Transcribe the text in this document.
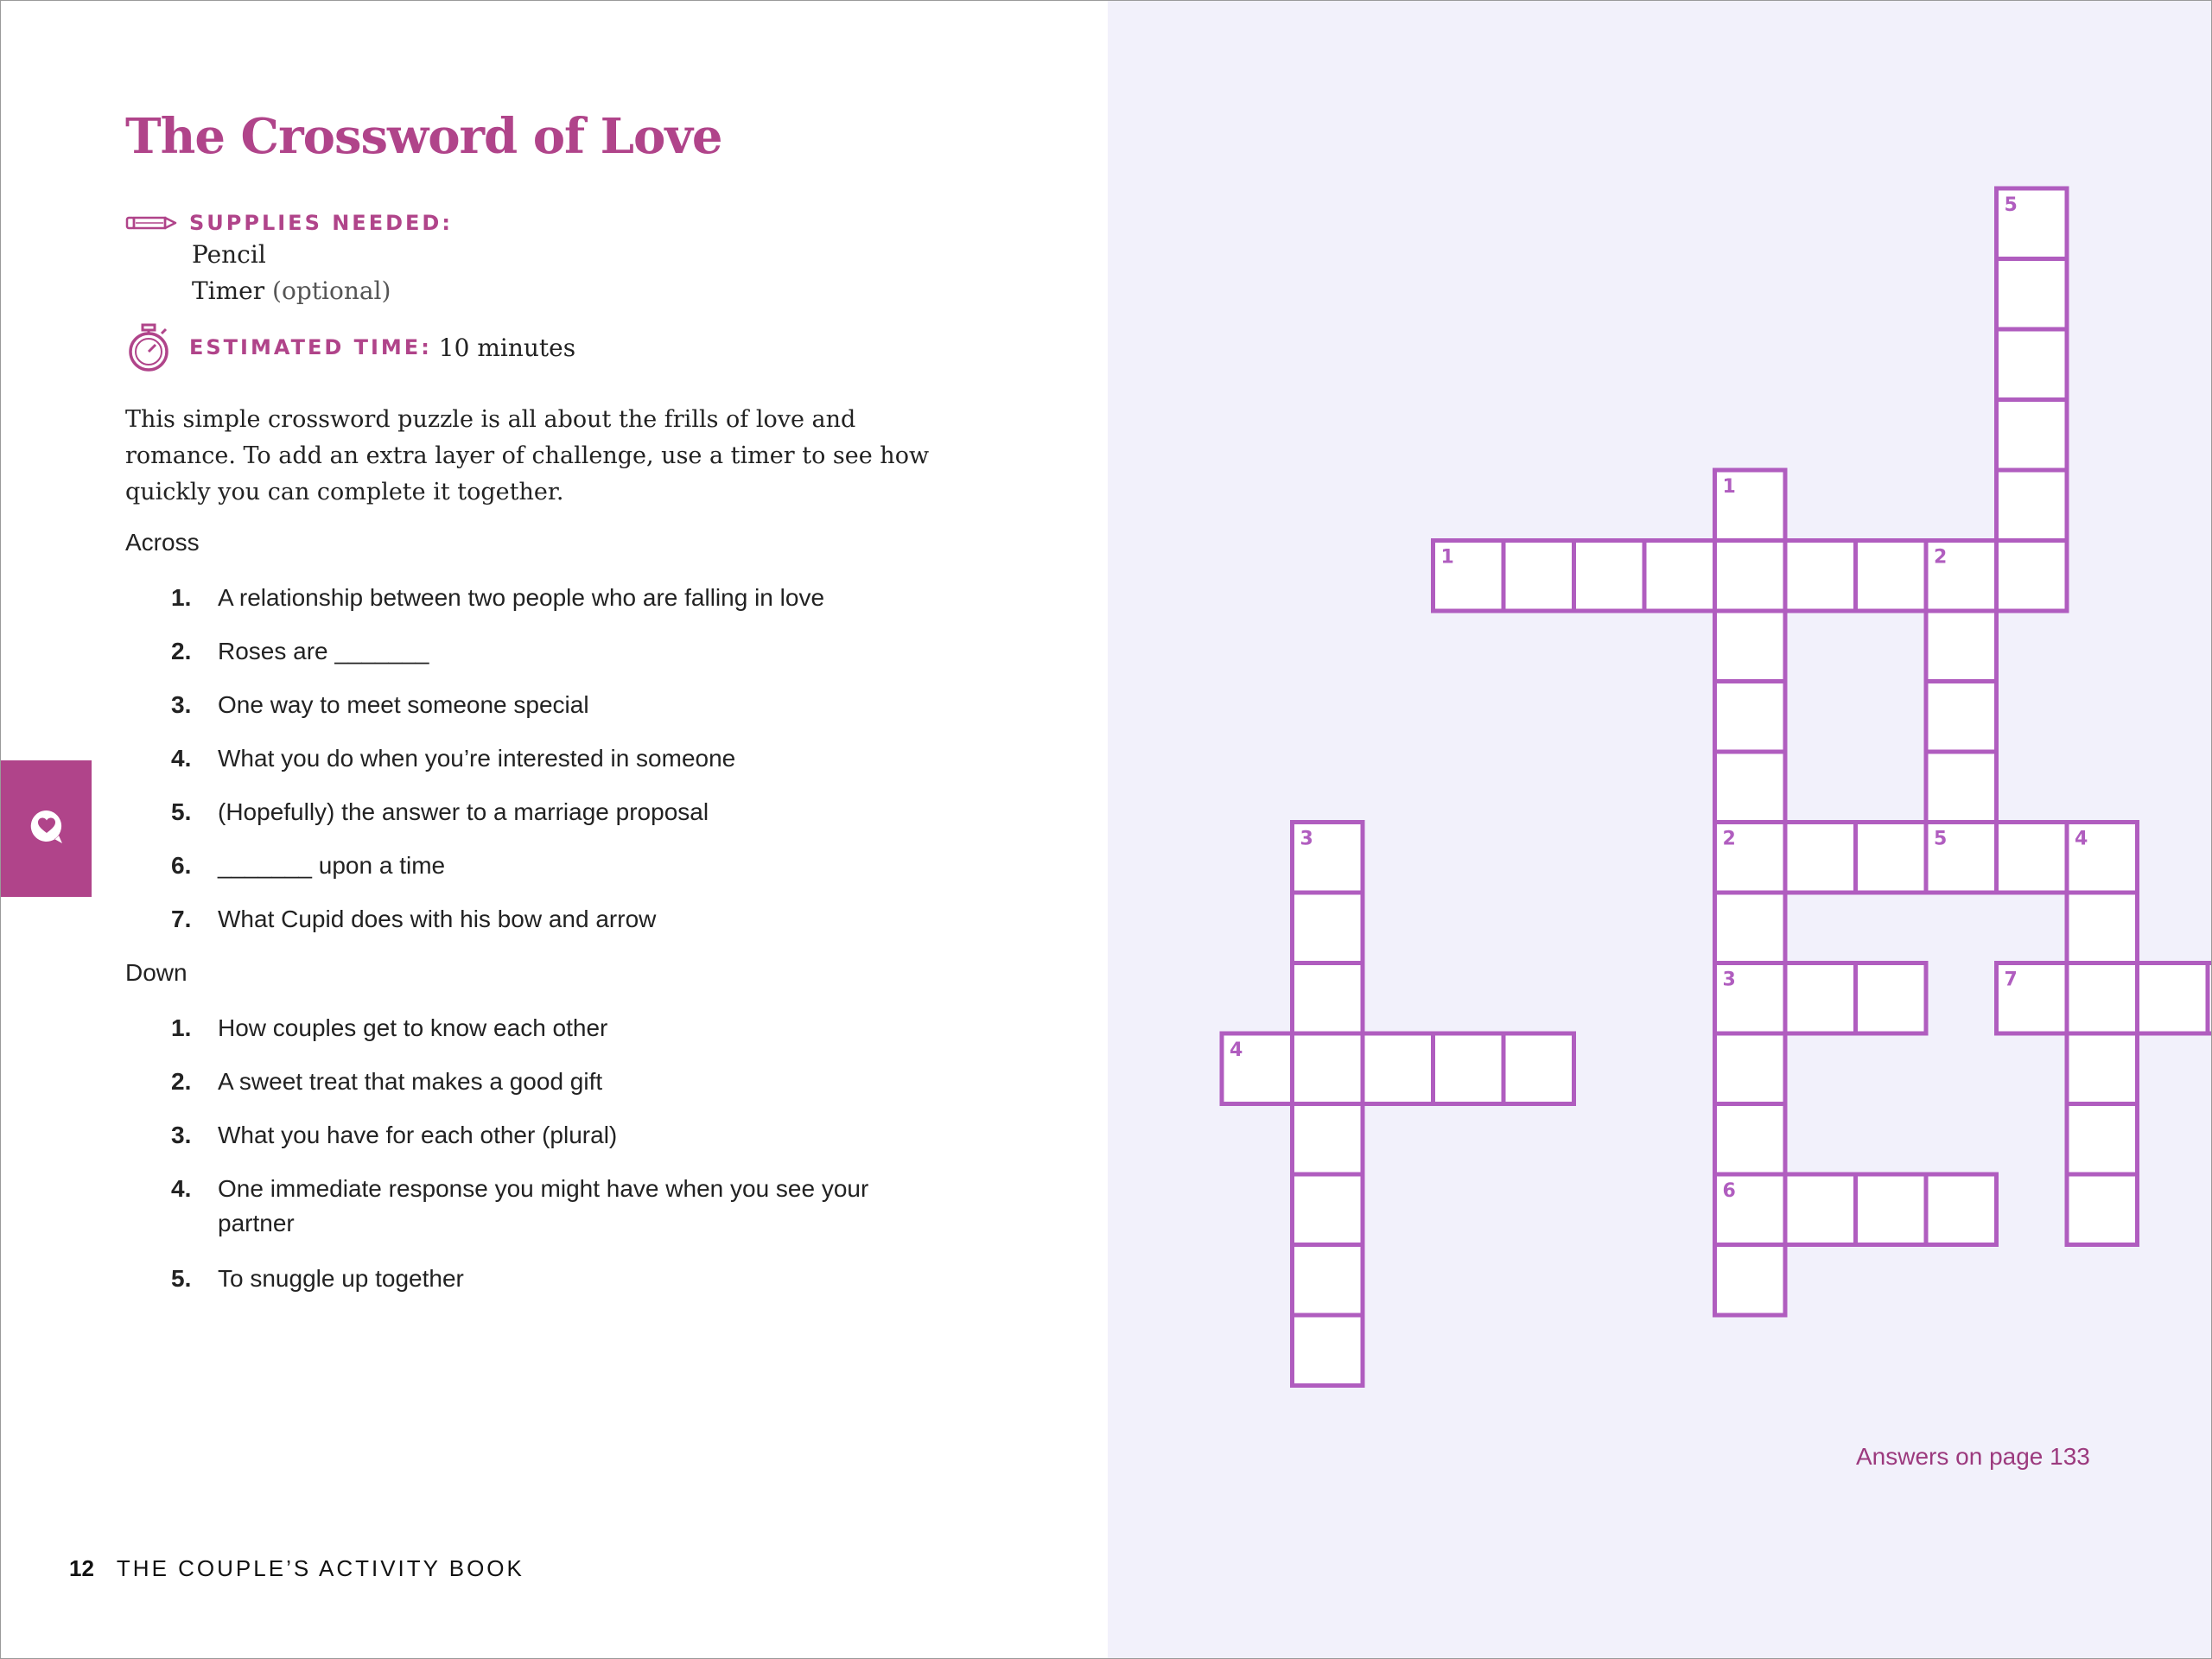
The Crossword of Love
SUPPLIES NEEDED:
Pencil
Timer (optional)
ESTIMATED TIME: 10 minutes

This simple crossword puzzle is all about the frills of love and romance. To add an extra layer of challenge, use a timer to see how quickly you can complete it together.

Across
1. A relationship between two people who are falling in love
2. Roses are _______
3. One way to meet someone special
4. What you do when you’re interested in someone
5. (Hopefully) the answer to a marriage proposal
6. _______ upon a time
7. What Cupid does with his bow and arrow
Down
1. How couples get to know each other
2. A sweet treat that makes a good gift
3. What you have for each other (plural)
4. One immediate response you might have when you see your partner
5. To snuggle up together
12 THE COUPLE’S ACTIVITY BOOK
1
2
3
4
5
6
7
1
2
3	4
5
Answers on page 133
